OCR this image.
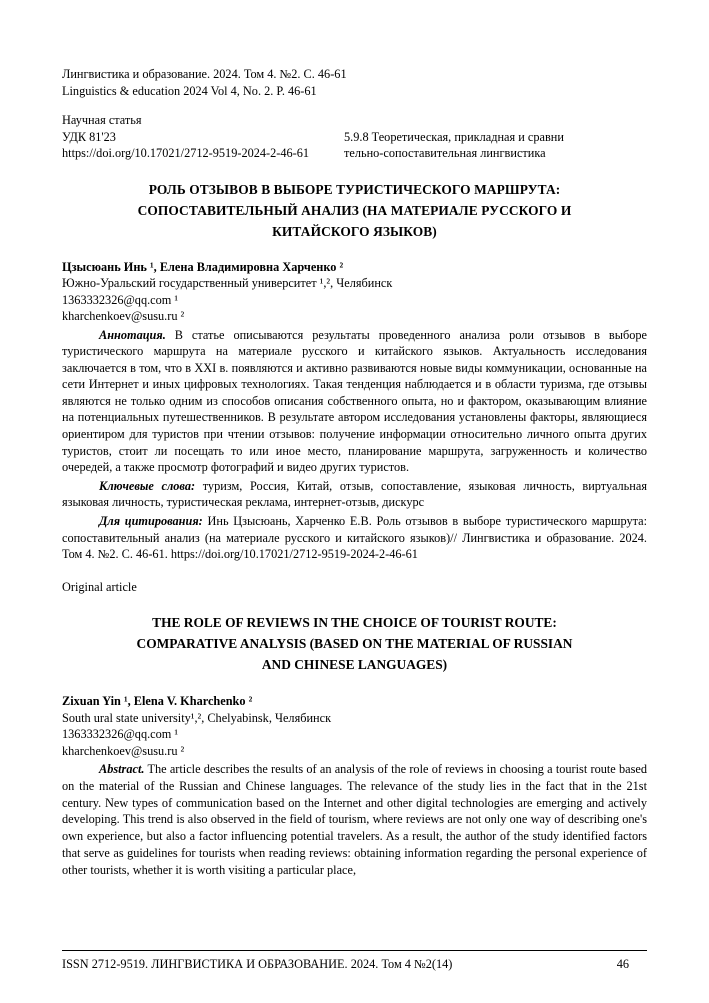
Лингвистика и образование. 2024. Том 4. №2. С. 46-61
Linguistics & education 2024 Vol 4, No. 2. P. 46-61
Научная статья
УДК 81'23	5.9.8 Теоретическая, прикладная и сравни
https://doi.org/10.17021/2712-9519-2024-2-46-61	тельно-сопоставительная лингвистика
РОЛЬ ОТЗЫВОВ В ВЫБОРЕ ТУРИСТИЧЕСКОГО МАРШРУТА:
СОПОСТАВИТЕЛЬНЫЙ АНАЛИЗ (НА МАТЕРИАЛЕ РУССКОГО И
КИТАЙСКОГО ЯЗЫКОВ)
Цзысюань Инь ¹, Елена Владимировна Харченко ²
Южно-Уральский государственный университет ¹,², Челябинск
1363332326@qq.com ¹
kharchenkoev@susu.ru ²
Аннотация. В статье описываются результаты проведенного анализа роли отзывов в выборе туристического маршрута на материале русского и китайского языков. Актуальность исследования заключается в том, что в XXI в. появляются и активно развиваются новые виды коммуникации, основанные на сети Интернет и иных цифровых технологиях. Такая тенденция наблюдается и в области туризма, где отзывы являются не только одним из способов описания собственного опыта, но и фактором, оказывающим влияние на потенциальных путешественников. В результате автором исследования установлены факторы, являющиеся ориентиром для туристов при чтении отзывов: получение информации относительно личного опыта других туристов, стоит ли посещать то или иное место, планирование маршрута, загруженность и количество очередей, а также просмотр фотографий и видео других туристов.
Ключевые слова: туризм, Россия, Китай, отзыв, сопоставление, языковая личность, виртуальная языковая личность, туристическая реклама, интернет-отзыв, дискурс
Для цитирования: Инь Цзысюань, Харченко Е.В. Роль отзывов в выборе туристического маршрута: сопоставительный анализ (на материале русского и китайского языков)// Лингвистика и образование. 2024. Том 4. №2. С. 46-61. https://doi.org/10.17021/2712-9519-2024-2-46-61
Original article
THE ROLE OF REVIEWS IN THE CHOICE OF TOURIST ROUTE:
COMPARATIVE ANALYSIS (BASED ON THE MATERIAL OF RUSSIAN
AND CHINESE LANGUAGES)
Zixuan Yin ¹, Elena V. Kharchenko ²
South ural state university¹,², Chelyabinsk, Челябинск
1363332326@qq.com ¹
kharchenkoev@susu.ru ²
Abstract. The article describes the results of an analysis of the role of reviews in choosing a tourist route based on the material of the Russian and Chinese languages. The relevance of the study lies in the fact that in the 21st century. New types of communication based on the Internet and other digital technologies are emerging and actively developing. This trend is also observed in the field of tourism, where reviews are not only one way of describing one's own experience, but also a factor influencing potential travelers. As a result, the author of the study identified factors that serve as guidelines for tourists when reading reviews: obtaining information regarding the personal experience of other tourists, whether it is worth visiting a particular place,
ISSN 2712-9519. ЛИНГВИСТИКА И ОБРАЗОВАНИЕ. 2024. Том 4 №2(14)	46
